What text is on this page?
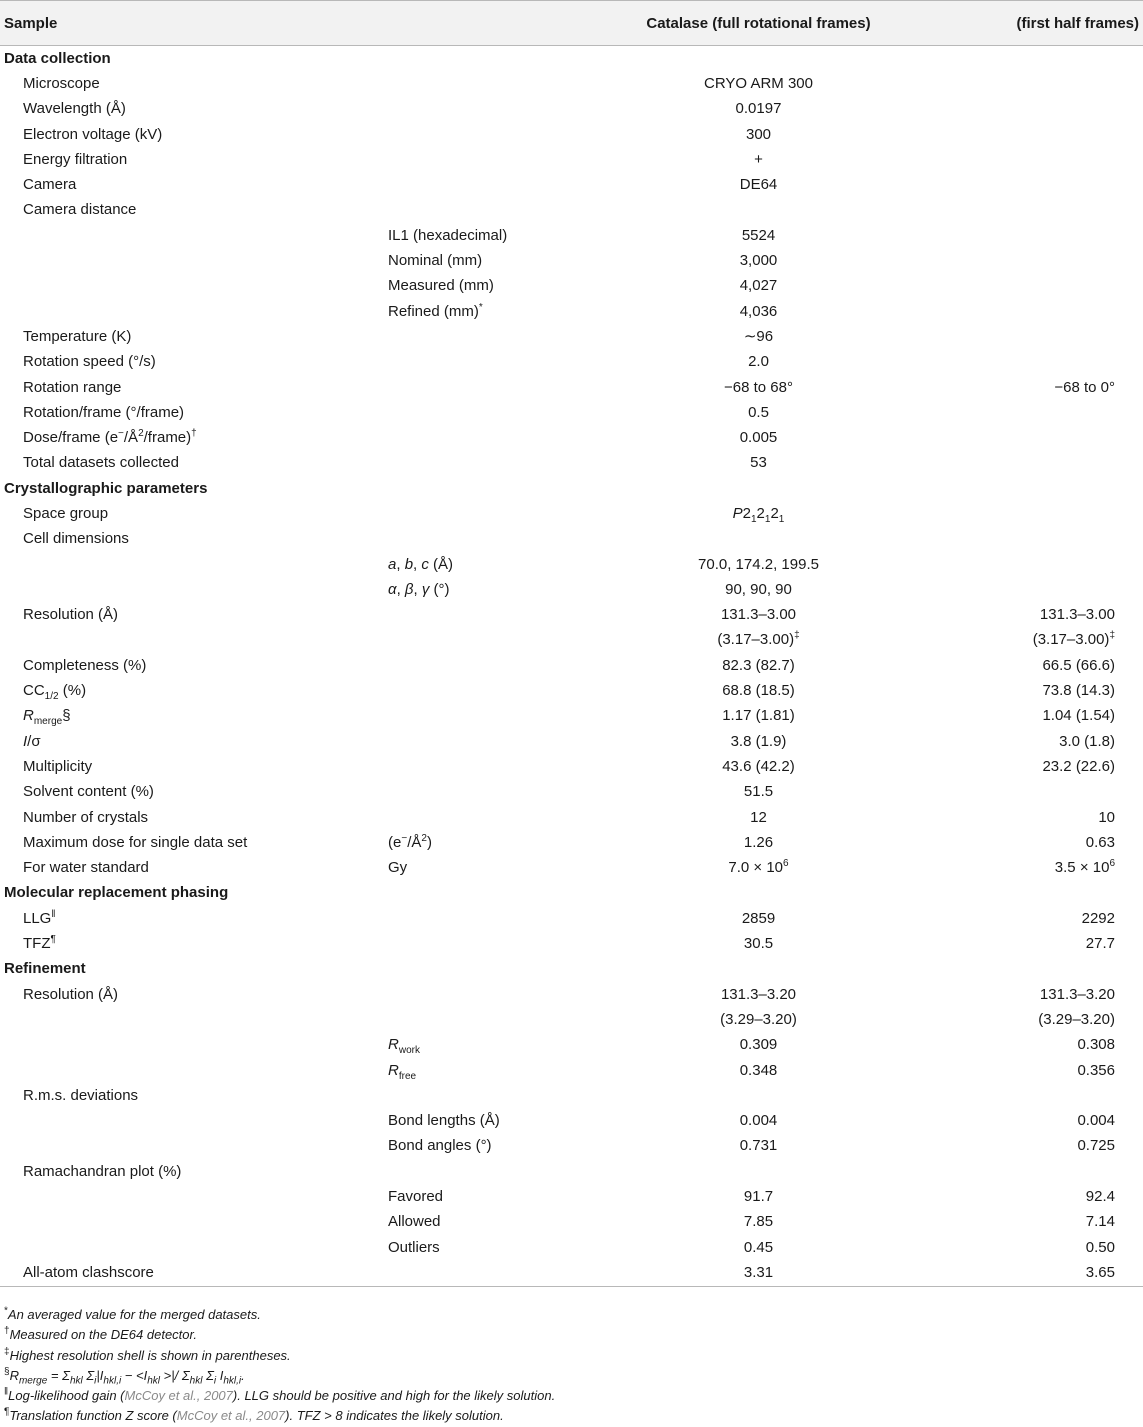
Sample		Catalase (full rotational frames)	(first half frames)
Data collection			
Microscope		CRYO ARM 300	
Wavelength (Å)		0.0197	
Electron voltage (kV)		300	
Energy filtration		+	
Camera		DE64	
Camera distance			
	IL1 (hexadecimal)	5524	
	Nominal (mm)	3,000	
	Measured (mm)	4,027	
	Refined (mm)*	4,036	
Temperature (K)		∼96	
Rotation speed (°/s)		2.0	
Rotation range		−68 to 68°	−68 to 0°
Rotation/frame (°/frame)		0.5	
Dose/frame $(e^-/Å^2/frame)^\dagger$		0.005	
Total datasets collected		53	
Crystallographic parameters			
Space group		$P2_12_12_1$	
Cell dimensions			
	a, b, c (Å)	70.0, 174.2, 199.5	
	α, β, γ (°)	90, 90, 90	
Resolution (Å)		131.3–3.00	131.3–3.00
		(3.17–3.00)‡	(3.17–3.00)‡
Completeness (%)		82.3 (82.7)	66.5 (66.6)
$CC_{1/2}$ (%)		68.8 (18.5)	73.8 (14.3)
$R_{merge}\S$		1.17 (1.81)	1.04 (1.54)
I/σ		3.8 (1.9)	3.0 (1.8)
Multiplicity		43.6 (42.2)	23.2 (22.6)
Solvent content (%)		51.5	
Number of crystals		12	10
Maximum dose for single data set	$(e^-/Å^2)$	1.26	0.63
For water standard	Gy	$7.0 \times 10^6$	$3.5 \times 10^6$
Molecular replacement phasing			
LLG‖		2859	2292
TFZ¶		30.5	27.7
Refinement			
Resolution (Å)		131.3–3.20	131.3–3.20
		(3.29–3.20)	(3.29–3.20)
	$R_{work}$	0.309	0.308
	$R_{free}$	0.348	0.356
R.m.s. deviations			
	Bond lengths (Å)	0.004	0.004
	Bond angles (°)	0.731	0.725
Ramachandran plot (%)			
	Favored	91.7	92.4
	Allowed	7.85	7.14
	Outliers	0.45	0.50
All-atom clashscore		3.31	3.65
*An averaged value for the merged datasets.
†Measured on the DE64 detector.
‡Highest resolution shell is shown in parentheses.
$^\S R_{merge} = \Sigma_{hkl}$ $\Sigma_i|I_{hkl,i} - <I_{hkl}$ >|/ $\Sigma_{hkl}$ $\Sigma_i$ $I_{hkl,i}$.
‖Log-likelihood gain (McCoy et al., 2007). LLG should be positive and high for the likely solution.
¶Translation function Z score (McCoy et al., 2007). TFZ > 8 indicates the likely solution.
